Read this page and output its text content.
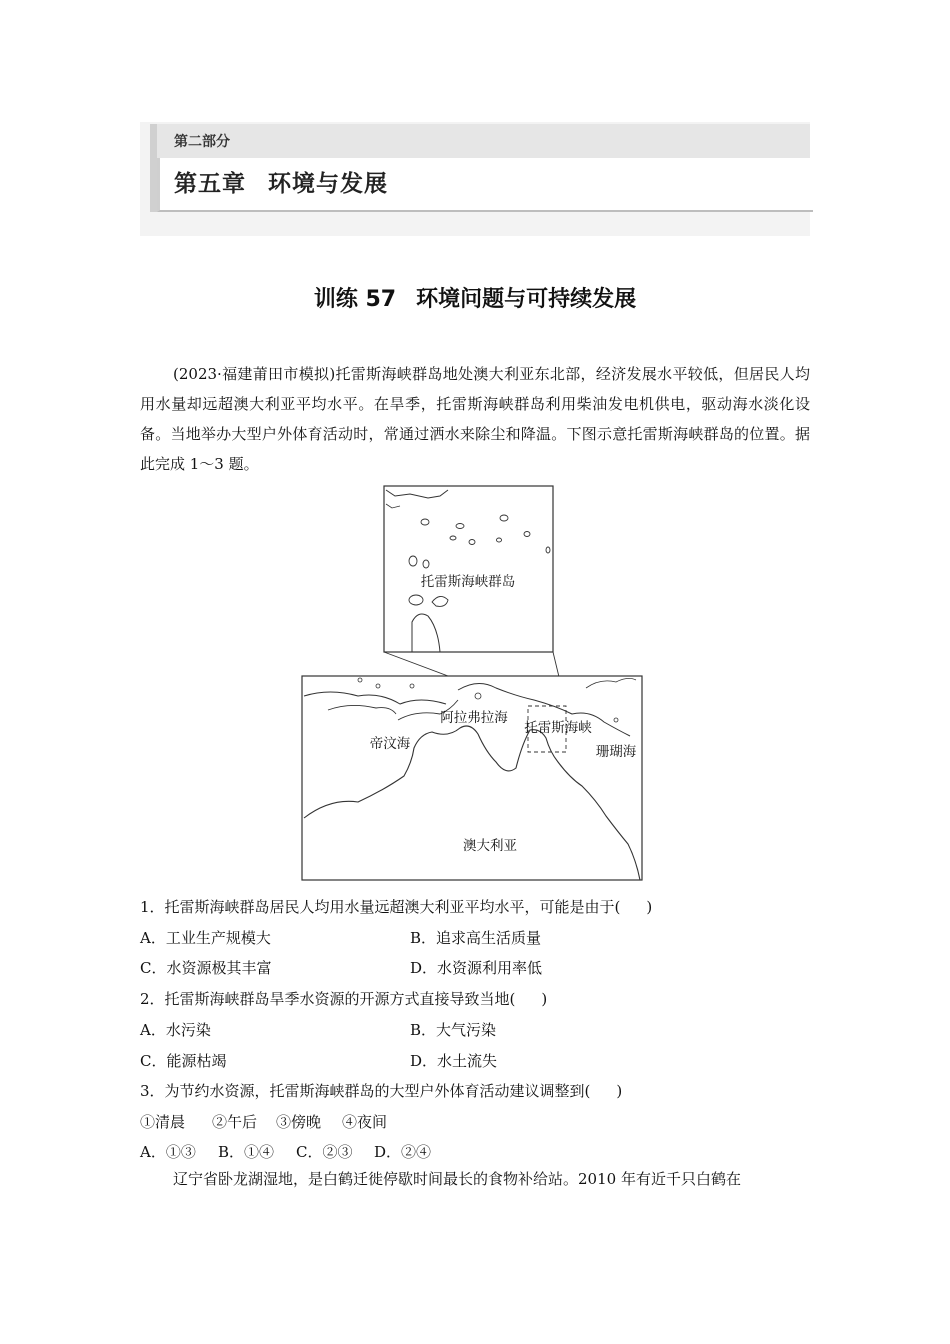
第二部分
第五章 环境与发展
训练 57 环境问题与可持续发展
(2023·福建莆田市模拟)托雷斯海峡群岛地处澳大利亚东北部，经济发展水平较低，但居民人均用水量却远超澳大利亚平均水平。在旱季，托雷斯海峡群岛利用柴油发电机供电，驱动海水淡化设备。当地举办大型户外体育活动时，常通过洒水来除尘和降温。下图示意托雷斯海峡群岛的位置。据此完成 1～3 题。
托雷斯海峡群岛
阿拉弗拉海
托雷斯海峡
帝汶海	珊瑚海
澳大利亚
1．托雷斯海峡群岛居民人均用水量远超澳大利亚平均水平，可能是由于( )
A．工业生产规模大	B．追求高生活质量
C．水资源极其丰富	D．水资源利用率低
2．托雷斯海峡群岛旱季水资源的开源方式直接导致当地( )
A．水污染	B．大气污染
C．能源枯竭	D．水土流失
3．为节约水资源，托雷斯海峡群岛的大型户外体育活动建议调整到( )
①清晨 ②午后 ③傍晚 ④夜间
A．①③ B．①④ C．②③ D．②④
辽宁省卧龙湖湿地，是白鹤迁徙停歇时间最长的食物补给站。2010 年有近千只白鹤在
